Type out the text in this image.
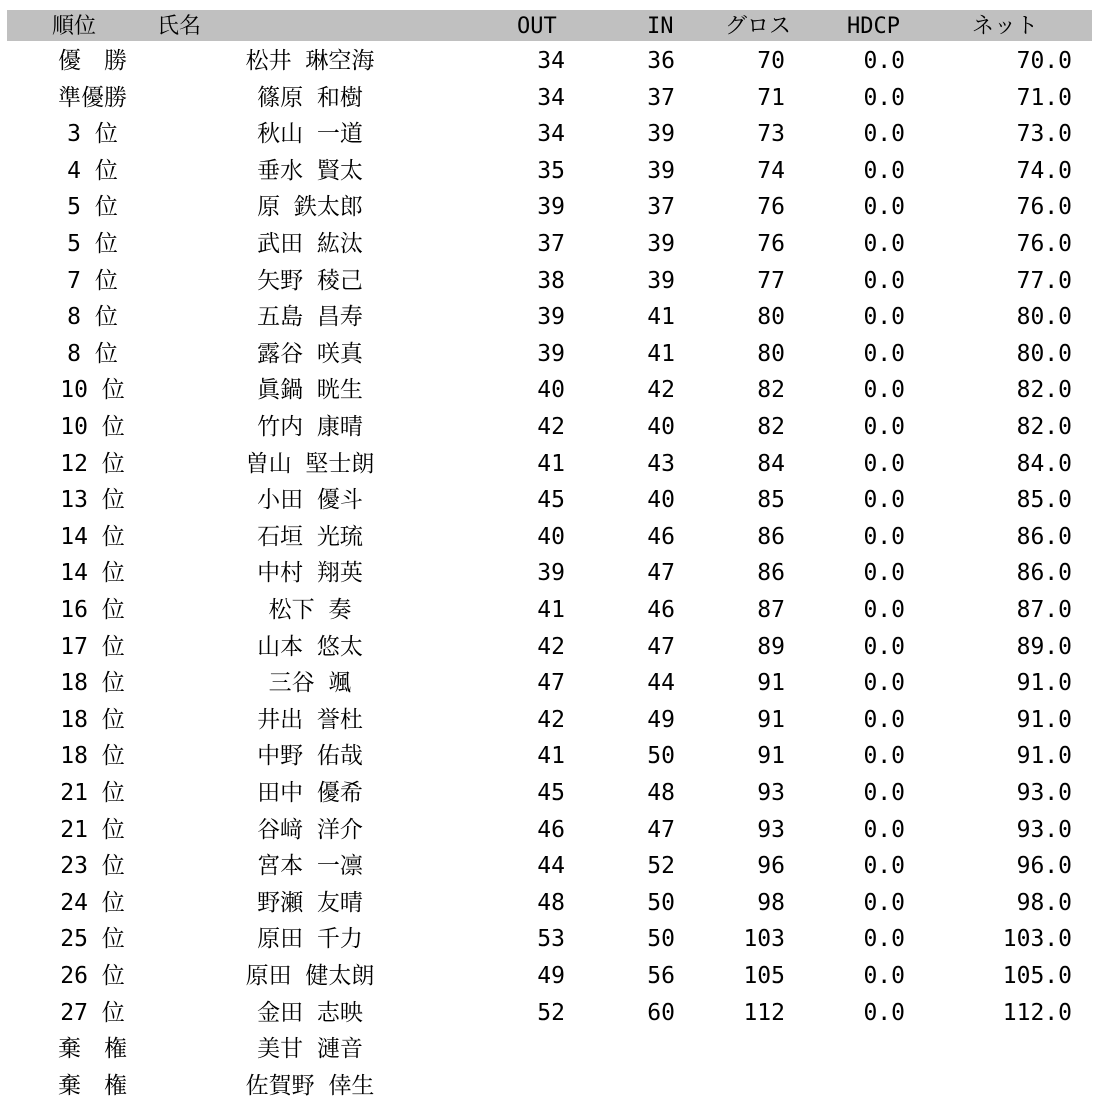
順位	氏名	OUT	IN	グロス	HDCP	ネット
優　勝	松井 琳空海	34	36	70	0.0	70.0
準優勝	篠原 和樹	34	37	71	0.0	71.0
3 位	秋山 一道	34	39	73	0.0	73.0
4 位	垂水 賢太	35	39	74	0.0	74.0
5 位	原 鉄太郎	39	37	76	0.0	76.0
5 位	武田 紘汰	37	39	76	0.0	76.0
7 位	矢野 稜己	38	39	77	0.0	77.0
8 位	五島 昌寿	39	41	80	0.0	80.0
8 位	露谷 咲真	39	41	80	0.0	80.0
10 位	眞鍋 晄生	40	42	82	0.0	82.0
10 位	竹内 康晴	42	40	82	0.0	82.0
12 位	曽山 堅士朗	41	43	84	0.0	84.0
13 位	小田 優斗	45	40	85	0.0	85.0
14 位	石垣 光琉	40	46	86	0.0	86.0
14 位	中村 翔英	39	47	86	0.0	86.0
16 位	松下 奏	41	46	87	0.0	87.0
17 位	山本 悠太	42	47	89	0.0	89.0
18 位	三谷 颯	47	44	91	0.0	91.0
18 位	井出 誉杜	42	49	91	0.0	91.0
18 位	中野 佑哉	41	50	91	0.0	91.0
21 位	田中 優希	45	48	93	0.0	93.0
21 位	谷﨑 洋介	46	47	93	0.0	93.0
23 位	宮本 一凛	44	52	96	0.0	96.0
24 位	野瀬 友晴	48	50	98	0.0	98.0
25 位	原田 千力	53	50	103	0.0	103.0
26 位	原田 健太朗	49	56	105	0.0	105.0
27 位	金田 志映	52	60	112	0.0	112.0
棄　権	美甘 漣音
棄　権	佐賀野 倖生
